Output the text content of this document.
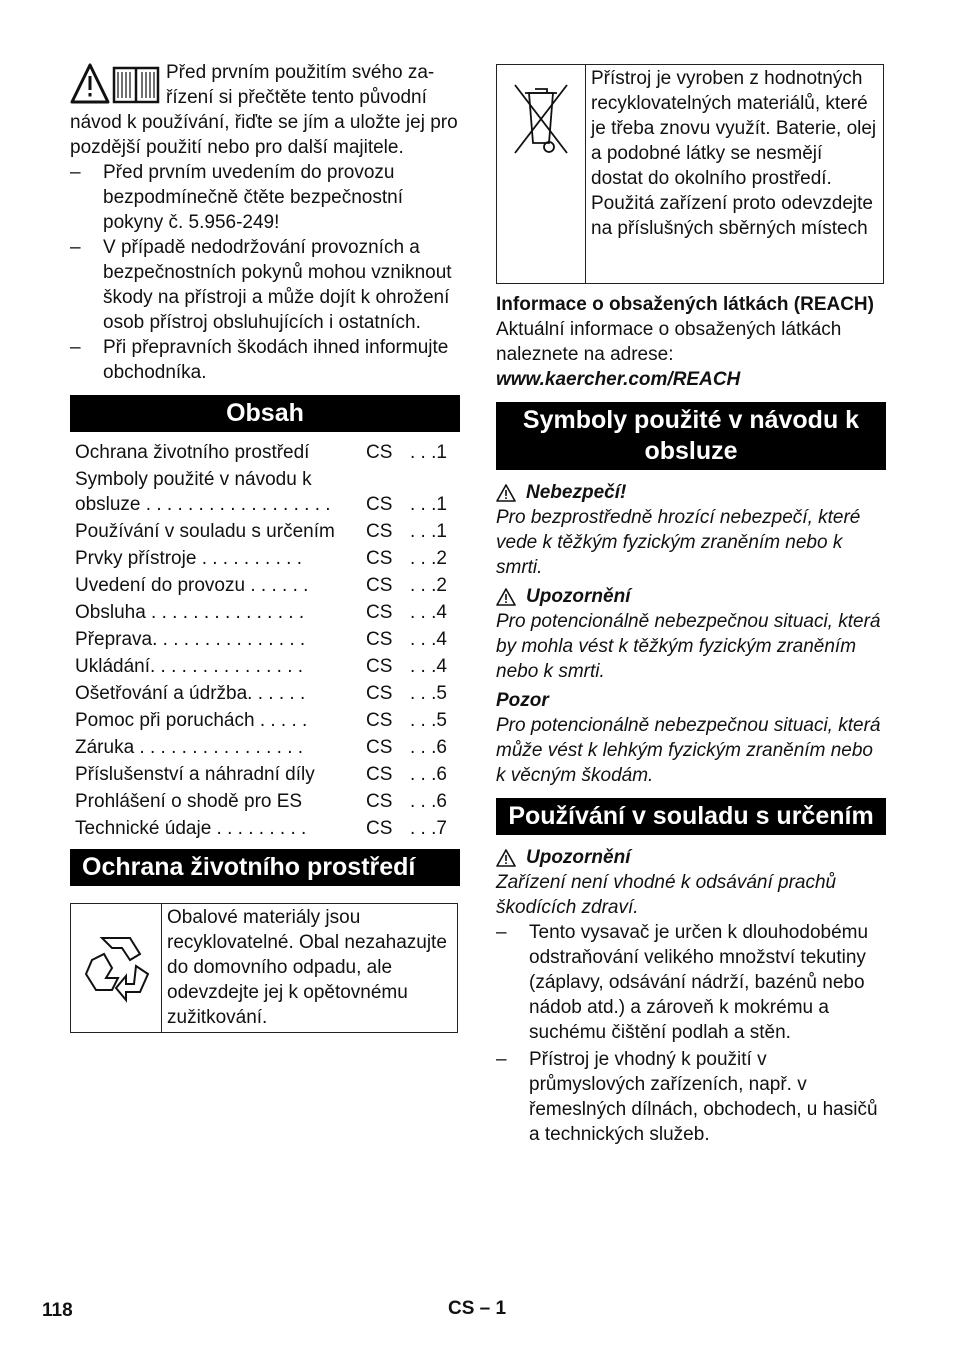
Před prvním použitím svého za-řízení si přečtěte tento původní návod k používání, řiďte se jím a uložte jej pro pozdější použití nebo pro další majitele.

– Před prvním uvedením do provozu bezpodmínečně čtěte bezpečnostní pokyny č. 5.956-249!
– V případě nedodržování provozních a bezpečnostních pokynů mohou vzniknout škody na přístroji a může dojít k ohrožení osob přístroj obsluhujících i ostatních.
– Při přepravních škodách ihned informujte obchodníka.
Obsah
Ochrana životního prostředí	CS	. . .1
Symboly použité v návodu k obsluze . . . . . . . . . . . . . . . . . .	CS	. . .1
Používání v souladu s určením	CS	. . .1
Prvky přístroje . . . . . . . . . .	CS	. . .2
Uvedení do provozu . . . . . .	CS	. . .2
Obsluha . . . . . . . . . . . . . . .	CS	. . .4
Přeprava. . . . . . . . . . . . . . .	CS	. . .4
Ukládání. . . . . . . . . . . . . . .	CS	. . .4
Ošetřování a údržba. . . . . .	CS	. . .5
Pomoc při poruchách . . . . .	CS	. . .5
Záruka . . . . . . . . . . . . . . . .	CS	. . .6
Příslušenství a náhradní díly	CS	. . .6
Prohlášení o shodě pro ES	CS	. . .6
Technické údaje . . . . . . . . .	CS	. . .7
Ochrana životního prostředí
Obalové materiály jsou recyklovatelné. Obal nezahazujte do domovního odpadu, ale odevzdejte jej k opětovnému zužitkování.
Přístroj je vyroben z hodnotných recyklovatelných materiálů, které je třeba znovu využít. Baterie, olej a podobné látky se nesmějí dostat do okolního prostředí. Použitá zařízení proto odevzdejte na příslušných sběrných místech

Informace o obsažených látkách (REACH)

Aktuální informace o obsažených látkách naleznete na adrese:

www.kaercher.com/REACH

Symboly použité v návodu k obsluze
Nebezpečí!

Pro bezprostředně hrozící nebezpečí, které vede k těžkým fyzickým zraněním nebo k smrti.

Upozornění

Pro potencionálně nebezpečnou situaci, která by mohla vést k těžkým fyzickým zraněním nebo k smrti.

Pozor

Pro potencionálně nebezpečnou situaci, která může vést k lehkým fyzickým zraněním nebo k věcným škodám.

Používání v souladu s určením
Upozornění

Zařízení není vhodné k odsávání prachů škodících zdraví.

– Tento vysavač je určen k dlouhodobému odstraňování velikého množství tekutiny (záplavy, odsávání nádrží, bazénů nebo nádob atd.) a zároveň k mokrému a suchému čištění podlah a stěn.
– Přístroj je vhodný k použití v průmyslových zařízeních, např. v řemeslných dílnách, obchodech, u hasičů a technických služeb.
118	CS – 1
